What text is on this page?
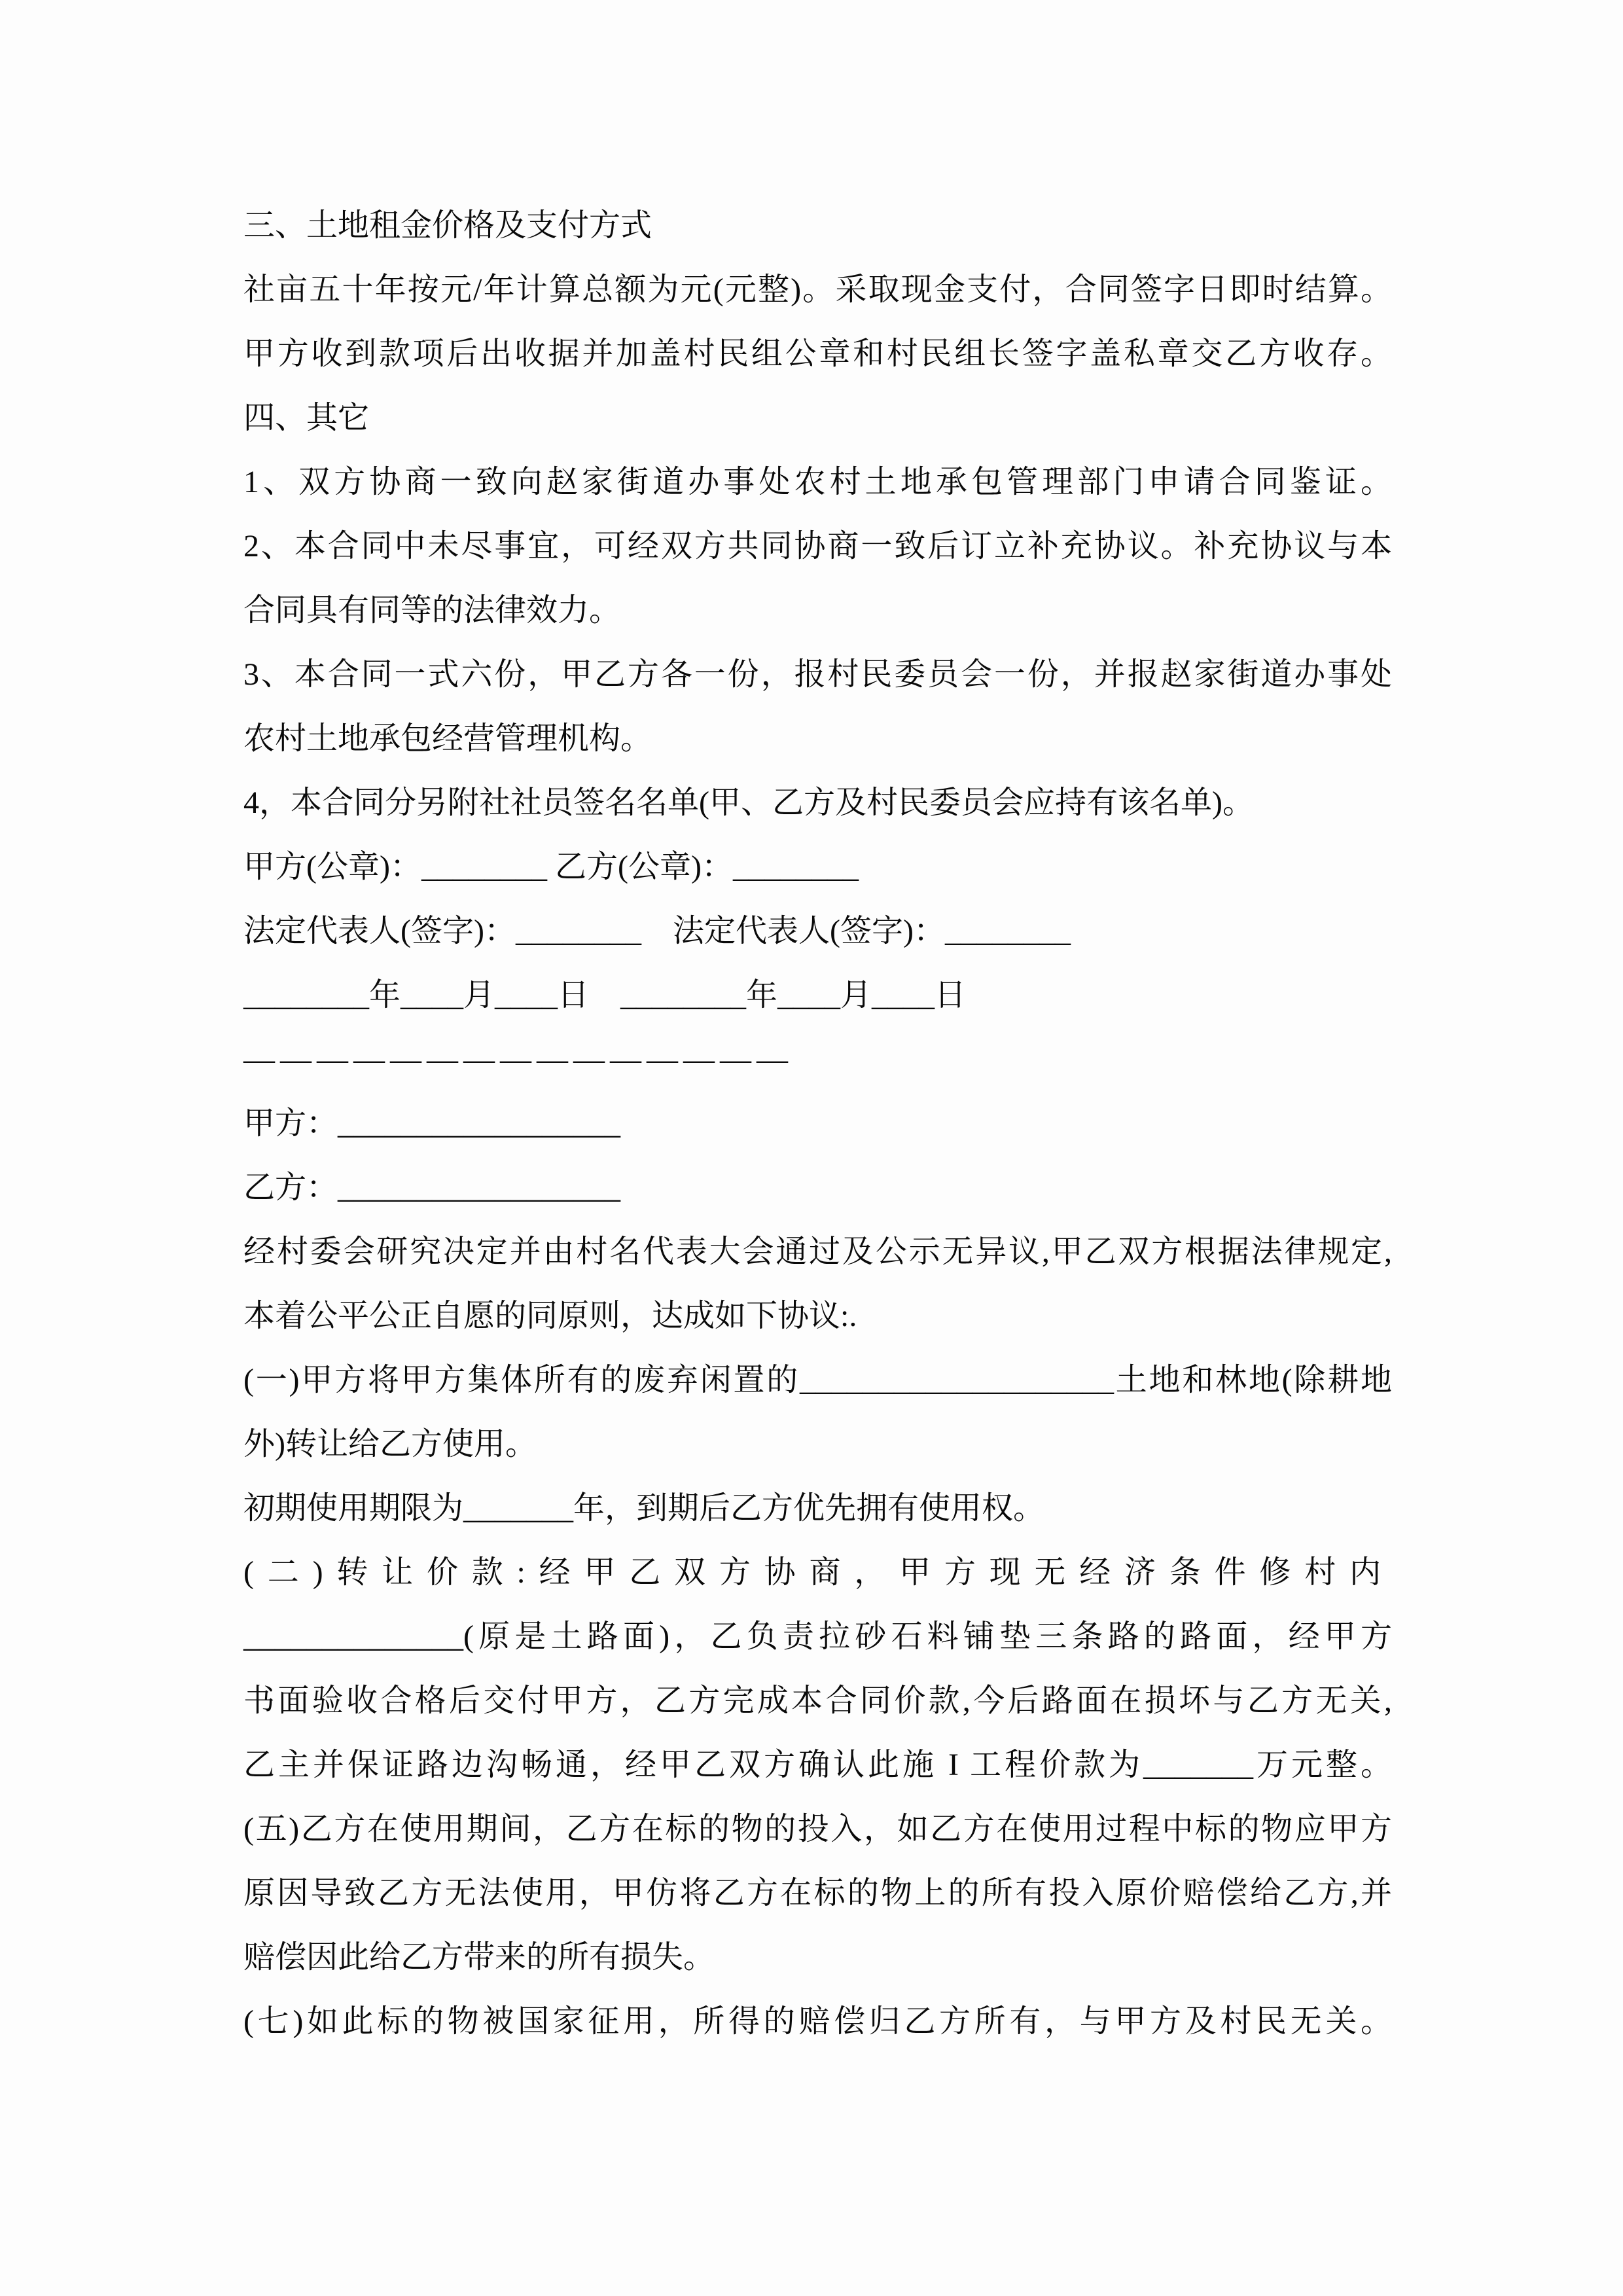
三、土地租金价格及支付方式
社亩五十年按元/年计算总额为元(元整)。采取现金支付，合同签字日即时结算。
甲方收到款项后出收据并加盖村民组公章和村民组长签字盖私章交乙方收存。
四、其它
1、双方协商一致向赵家街道办事处农村土地承包管理部门申请合同鉴证。
2、本合同中未尽事宜，可经双方共同协商一致后订立补充协议。补充协议与本
合同具有同等的法律效力。
3、本合同一式六份，甲乙方各一份，报村民委员会一份，并报赵家街道办事处
农村土地承包经营管理机构。
4，本合同分另附社社员签名名单(甲、乙方及村民委员会应持有该名单)。
甲方(公章)：________ 乙方(公章)：________
法定代表人(签字)：________　法定代表人(签字)：________
________年____月____日　________年____月____日
———————————————
甲方：__________________
乙方：__________________
经村委会研究决定并由村名代表大会通过及公示无异议,甲乙双方根据法律规定,
本着公平公正自愿的同原则，达成如下协议:.
(一)甲方将甲方集体所有的废弃闲置的____________________土地和林地(除耕地
外)转让给乙方使用。
初期使用期限为_______年，到期后乙方优先拥有使用权。
(二)转让价款:经甲乙双方协商，甲方现无经济条件修村内
______________(原是土路面)，乙负责拉砂石料铺垫三条路的路面，经甲方
书面验收合格后交付甲方，乙方完成本合同价款,今后路面在损坏与乙方无关,
乙主并保证路边沟畅通，经甲乙双方确认此施 I 工程价款为_______万元整。
(五)乙方在使用期间，乙方在标的物的投入，如乙方在使用过程中标的物应甲方
原因导致乙方无法使用，甲仿将乙方在标的物上的所有投入原价赔偿给乙方,并
赔偿因此给乙方带来的所有损失。
(七)如此标的物被国家征用，所得的赔偿归乙方所有，与甲方及村民无关。
